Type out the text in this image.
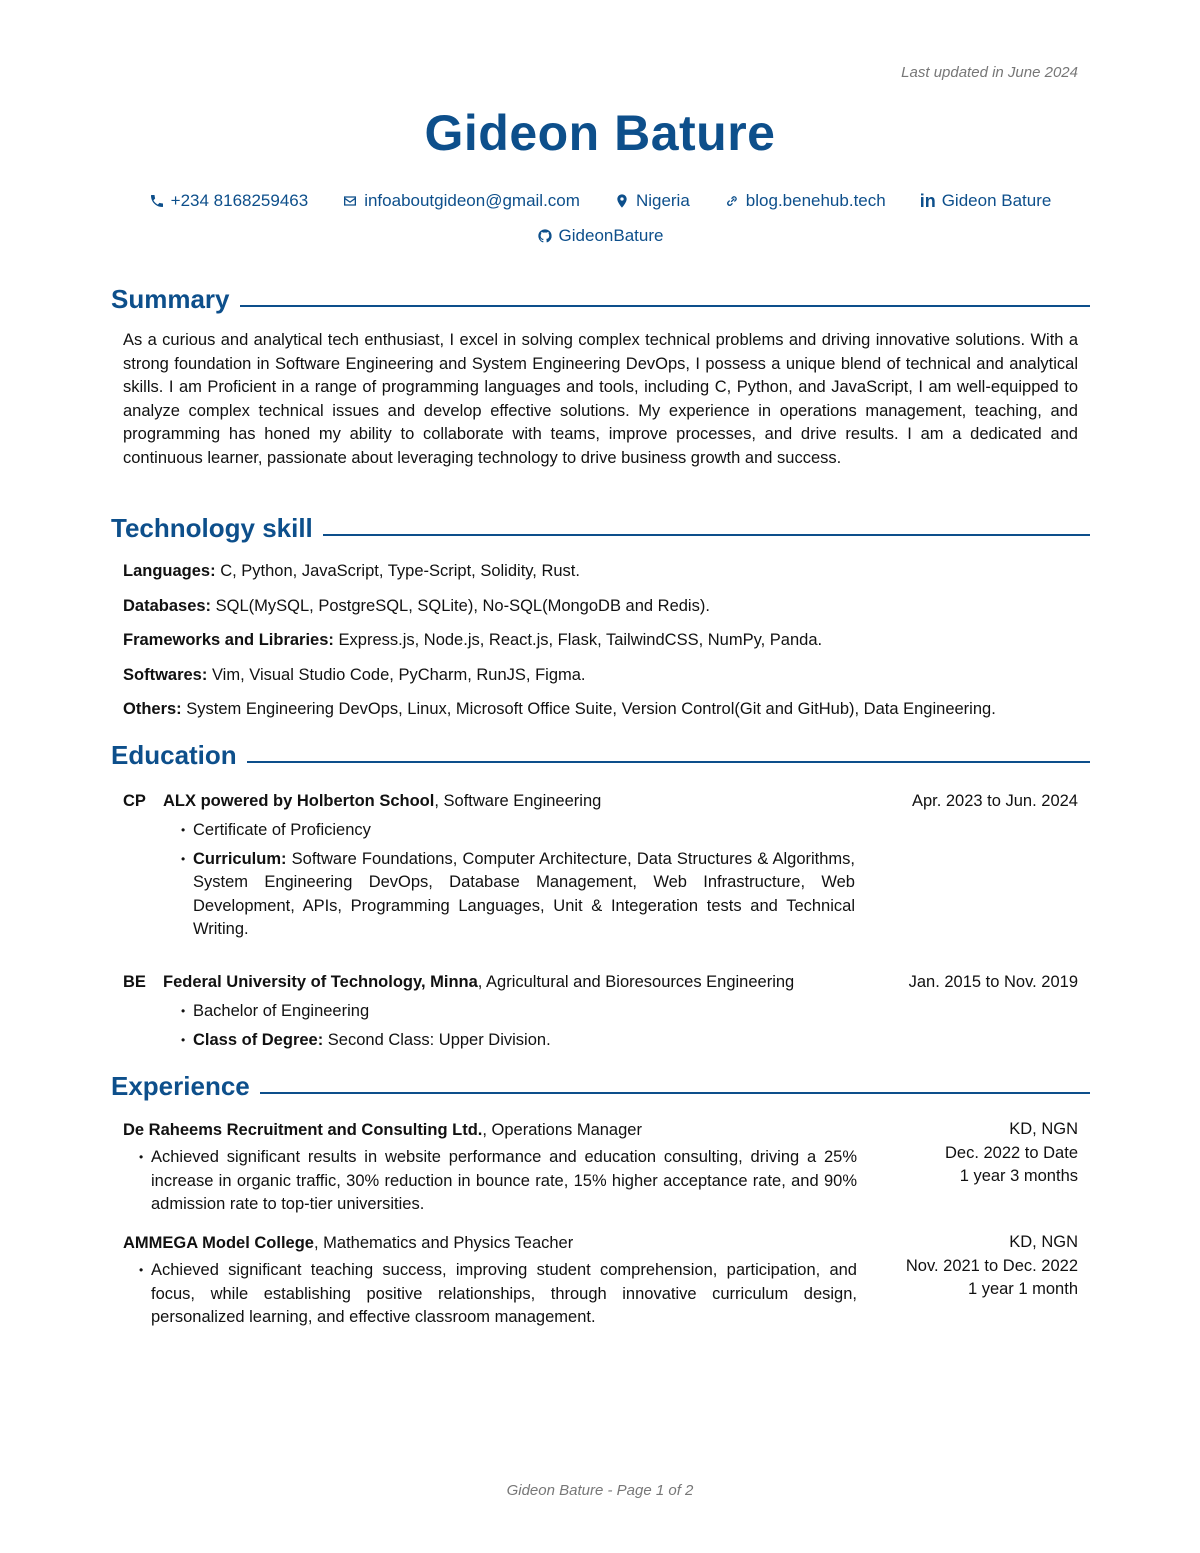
Last updated in June 2024
Gideon Bature
+234 8168259463	infoaboutgideon@gmail.com	Nigeria	blog.benehub.tech in Gideon Bature
GideonBature
Summary
As a curious and analytical tech enthusiast, I excel in solving complex technical problems and driving innovative solutions. With a strong foundation in Software Engineering and System Engineering DevOps, I possess a unique blend of technical and analytical skills. I am Proficient in a range of programming languages and tools, including C, Python, and JavaScript, I am well-equipped to analyze complex technical issues and develop effective solutions. My experience in operations management, teaching, and programming has honed my ability to collaborate with teams, improve processes, and drive results. I am a dedicated and continuous learner, passionate about leveraging technology to drive business growth and success.
Technology skill
Languages: C, Python, JavaScript, Type-Script, Solidity, Rust.
Databases: SQL(MySQL, PostgreSQL, SQLite), No-SQL(MongoDB and Redis).
Frameworks and Libraries: Express.js, Node.js, React.js, Flask, TailwindCSS, NumPy, Panda.
Softwares: Vim, Visual Studio Code, PyCharm, RunJS, Figma.
Others: System Engineering DevOps, Linux, Microsoft Office Suite, Version Control(Git and GitHub), Data Engineering.
Education
CP	ALX powered by Holberton School, Software Engineering	Apr. 2023 to Jun. 2024
• Certificate of Proficiency
• Curriculum: Software Foundations, Computer Architecture, Data Structures & Algorithms, System Engineering DevOps, Database Management, Web Infrastructure, Web Development, APIs, Programming Languages, Unit & Integeration tests and Technical Writing.
BE	Federal University of Technology, Minna, Agricultural and Bioresources Engineering	Jan. 2015 to Nov. 2019
• Bachelor of Engineering
• Class of Degree: Second Class: Upper Division.
Experience
De Raheems Recruitment and Consulting Ltd., Operations Manager
• Achieved significant results in website performance and education consulting, driving a 25% increase in organic traffic, 30% reduction in bounce rate, 15% higher acceptance rate, and 90% admission rate to top-tier universities.
KD, NGN
Dec. 2022 to Date
1 year 3 months
AMMEGA Model College, Mathematics and Physics Teacher
• Achieved significant teaching success, improving student comprehension, participation, and focus, while establishing positive relationships, through innovative curriculum design, personalized learning, and effective classroom management.
KD, NGN
Nov. 2021 to Dec. 2022
1 year 1 month
Gideon Bature - Page 1 of 2
